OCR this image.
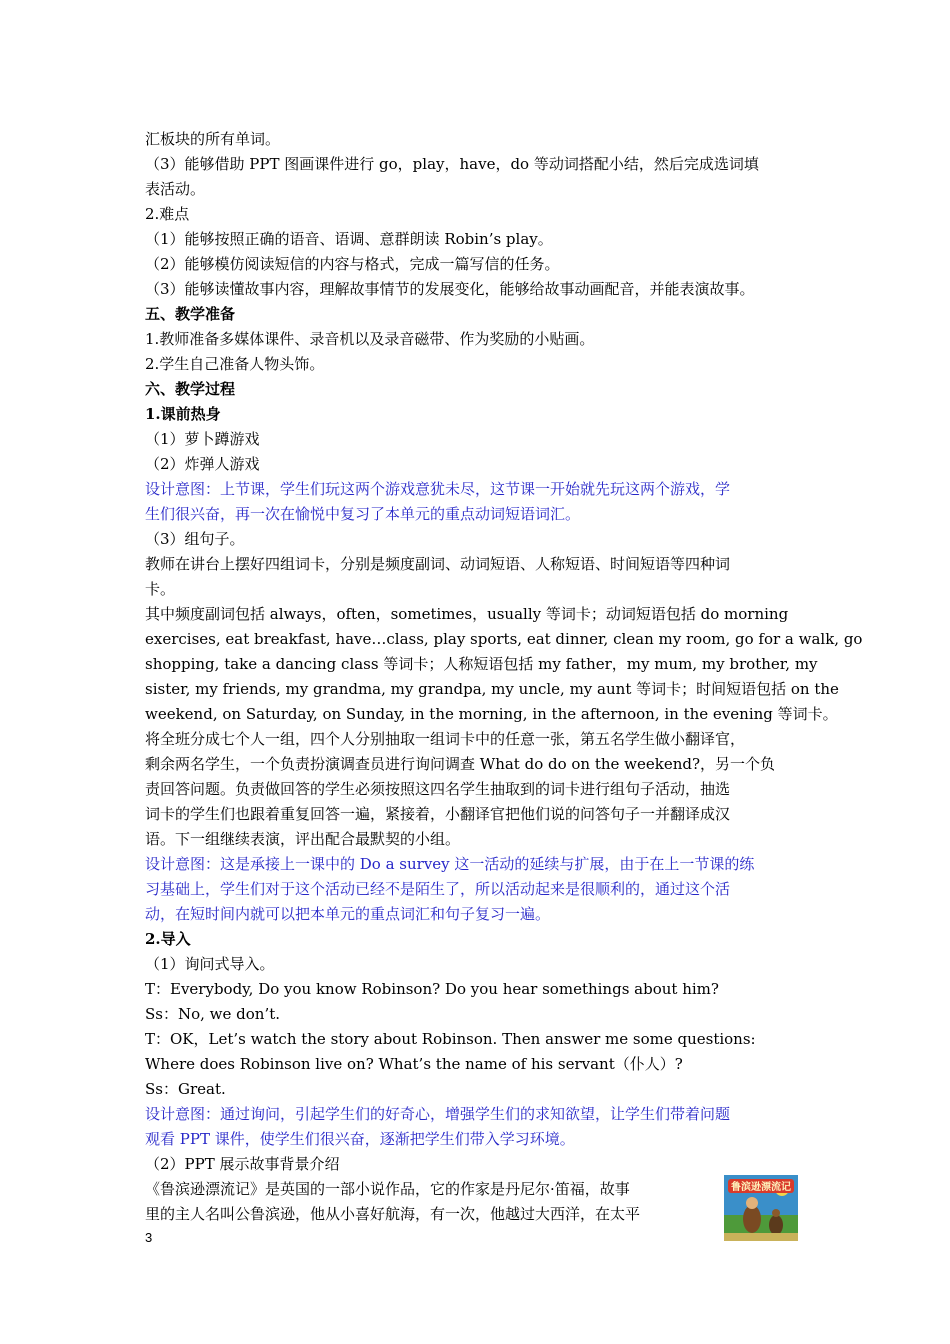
汇板块的所有单词。
（3）能够借助 PPT 图画课件进行 go，play，have，do 等动词搭配小结，然后完成选词填
表活动。
2.难点
（1）能够按照正确的语音、语调、意群朗读 Robin’s play。
（2）能够模仿阅读短信的内容与格式，完成一篇写信的任务。
（3）能够读懂故事内容，理解故事情节的发展变化，能够给故事动画配音，并能表演故事。
五、教学准备
1.教师准备多媒体课件、录音机以及录音磁带、作为奖励的小贴画。
2.学生自己准备人物头饰。
六、教学过程
1.课前热身
（1）萝卜蹲游戏
（2）炸弹人游戏
设计意图：上节课，学生们玩这两个游戏意犹未尽，这节课一开始就先玩这两个游戏，学
生们很兴奋，再一次在愉悦中复习了本单元的重点动词短语词汇。
（3）组句子。
教师在讲台上摆好四组词卡，分别是频度副词、动词短语、人称短语、时间短语等四种词
卡。
其中频度副词包括 always，often，sometimes，usually 等词卡；动词短语包括 do morning
exercises, eat breakfast, have…class, play sports, eat dinner, clean my room, go for a walk, go
shopping, take a dancing class 等词卡；人称短语包括 my father，my mum, my brother, my
sister, my friends, my grandma, my grandpa, my uncle, my aunt 等词卡；时间短语包括 on the
weekend, on Saturday, on Sunday, in the morning, in the afternoon, in the evening 等词卡。
将全班分成七个人一组，四个人分别抽取一组词卡中的任意一张，第五名学生做小翻译官，
剩余两名学生，一个负责扮演调查员进行询问调查 What do do on the weekend?，另一个负
责回答问题。负责做回答的学生必须按照这四名学生抽取到的词卡进行组句子活动，抽选
词卡的学生们也跟着重复回答一遍，紧接着，小翻译官把他们说的问答句子一并翻译成汉
语。下一组继续表演，评出配合最默契的小组。
设计意图：这是承接上一课中的 Do a survey 这一活动的延续与扩展，由于在上一节课的练
习基础上，学生们对于这个活动已经不是陌生了，所以活动起来是很顺利的，通过这个活
动，在短时间内就可以把本单元的重点词汇和句子复习一遍。
2.导入
（1）询问式导入。
T：Everybody, Do you know Robinson? Do you hear somethings about him?
Ss：No, we don’t.
T：OK，Let’s watch the story about Robinson. Then answer me some questions:
Where does Robinson live on? What’s the name of his servant（仆人）?
Ss：Great.
设计意图：通过询问，引起学生们的好奇心，增强学生们的求知欲望，让学生们带着问题
观看 PPT 课件，使学生们很兴奋，逐渐把学生们带入学习环境。
（2）PPT 展示故事背景介绍
《鲁滨逊漂流记》是英国的一部小说作品，它的作家是丹尼尔·笛福，故事
里的主人名叫公鲁滨逊，他从小喜好航海，有一次，他越过大西洋，在太平
鲁滨逊漂流记
3
